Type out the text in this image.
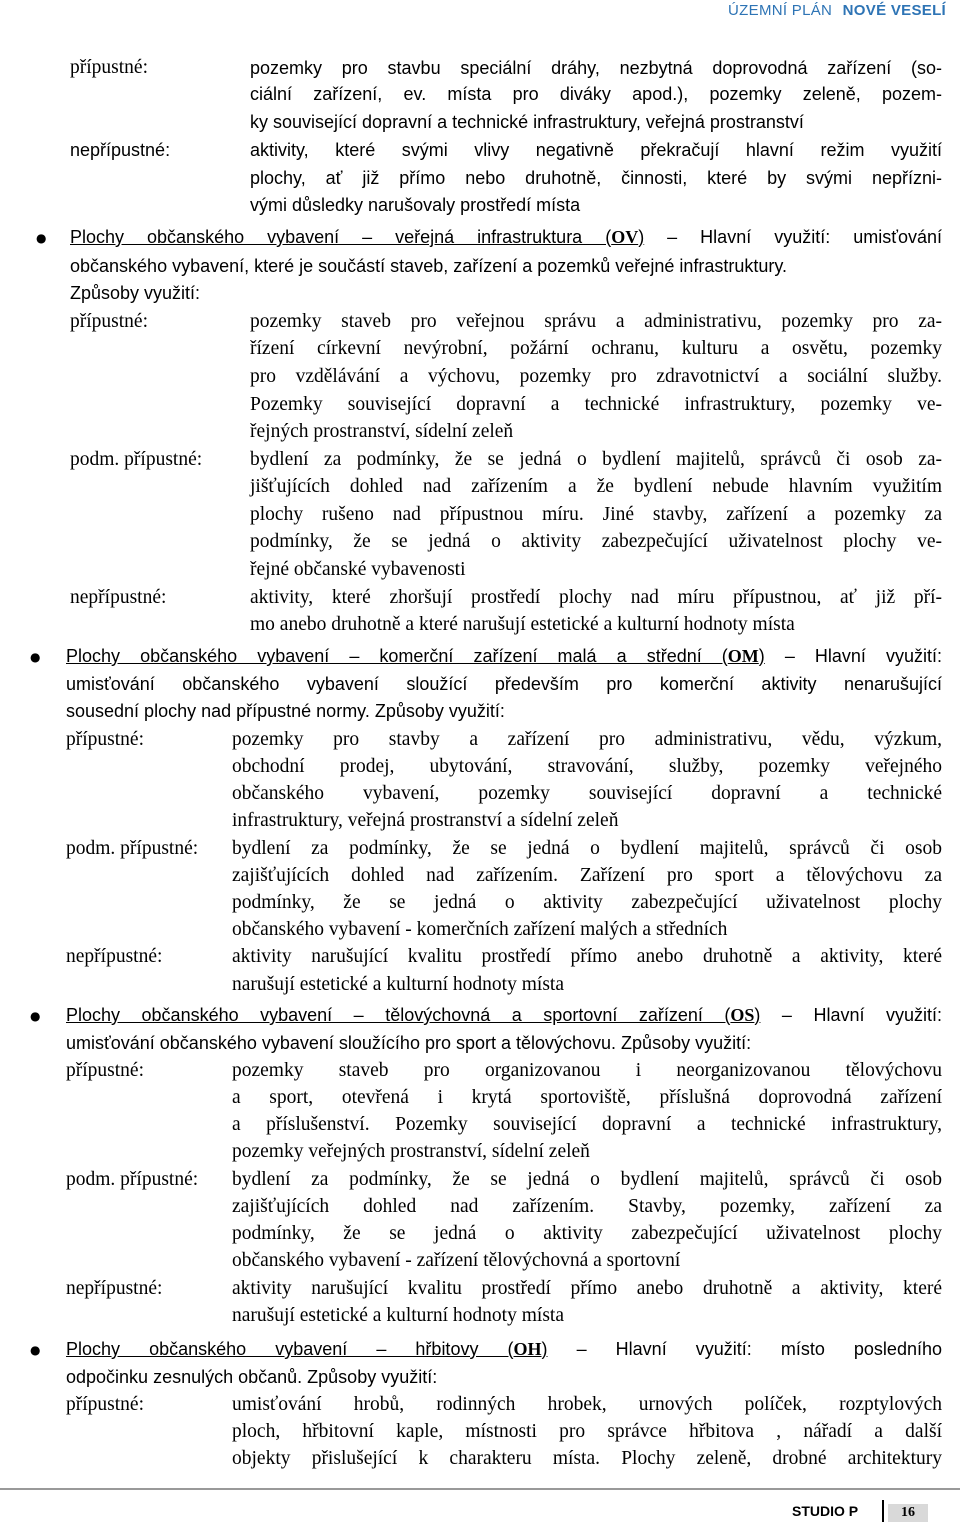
ÚZEMNÍ PLÁN NOVÉ VESELÍ
přípustné:	pozemky pro stavbu speciální dráhy, nezbytná doprovodná zařízení (so-
ciální zařízení, ev. místa pro diváky apod.), pozemky zeleně, pozem-
ky související dopravní a technické infrastruktury, veřejná prostranství
nepřípustné:	aktivity, které svými vlivy negativně překračují hlavní režim využití
plochy, ať již přímo nebo druhotně, činnosti, které by svými nepřízni-
vými důsledky narušovaly prostředí místa
● Plochy občanského vybavení – veřejná infrastruktura (OV) – Hlavní využití: umisťování
občanského vybavení, které je součástí staveb, zařízení a pozemků veřejné infrastruktury.
Způsoby využití:
přípustné:	pozemky staveb pro veřejnou správu a administrativu, pozemky pro za-
řízení církevní nevýrobní, požární ochranu, kulturu a osvětu, pozemky
pro vzdělávání a výchovu, pozemky pro zdravotnictví a sociální služby.
Pozemky související dopravní a technické infrastruktury, pozemky ve-
řejných prostranství, sídelní zeleň
podm. přípustné: bydlení za podmínky, že se jedná o bydlení majitelů, správců či osob za-
jišťujících dohled nad zařízením a že bydlení nebude hlavním využitím
plochy rušeno nad přípustnou míru. Jiné stavby, zařízení a pozemky za
podmínky, že se jedná o aktivity zabezpečující uživatelnost plochy ve-
řejné občanské vybavenosti
nepřípustné:	aktivity, které zhoršují prostředí plochy nad míru přípustnou, ať již pří-
mo anebo druhotně a které narušují estetické a kulturní hodnoty místa
● Plochy občanského vybavení – komerční zařízení malá a střední (OM) – Hlavní využití:
umisťování občanského vybavení sloužící především pro komerční aktivity nenarušující
sousední plochy nad přípustné normy. Způsoby využití:
přípustné:	pozemky pro stavby a zařízení pro administrativu, vědu, výzkum,
obchodní prodej, ubytování, stravování, služby, pozemky veřejného
občanského vybavení, pozemky související dopravní a technické
infrastruktury, veřejná prostranství a sídelní zeleň
podm. přípustné: bydlení za podmínky, že se jedná o bydlení majitelů, správců či osob
zajišťujících dohled nad zařízením. Zařízení pro sport a tělovýchovu za
podmínky, že se jedná o aktivity zabezpečující uživatelnost plochy
občanského vybavení - komerčních zařízení malých a středních
nepřípustné:	aktivity narušující kvalitu prostředí přímo anebo druhotně a aktivity, které
narušují estetické a kulturní hodnoty místa
● Plochy občanského vybavení – tělovýchovná a sportovní zařízení (OS) – Hlavní využití:
umisťování občanského vybavení sloužícího pro sport a tělovýchovu. Způsoby využití:
přípustné:	pozemky staveb pro organizovanou i neorganizovanou tělovýchovu
a sport, otevřená i krytá sportoviště, příslušná doprovodná zařízení
a příslušenství. Pozemky související dopravní a technické infrastruktury,
pozemky veřejných prostranství, sídelní zeleň
podm. přípustné: bydlení za podmínky, že se jedná o bydlení majitelů, správců či osob
zajišťujících dohled nad zařízením. Stavby, pozemky, zařízení za
podmínky, že se jedná o aktivity zabezpečující uživatelnost plochy
občanského vybavení - zařízení tělovýchovná a sportovní
nepřípustné:	aktivity narušující kvalitu prostředí přímo anebo druhotně a aktivity, které
narušují estetické a kulturní hodnoty místa
● Plochy občanského vybavení – hřbitovy (OH) – Hlavní využití: místo posledního
odpočinku zesnulých občanů. Způsoby využití:
přípustné:	umisťování hrobů, rodinných hrobek, urnových políček, rozptylových
ploch, hřbitovní kaple, místnosti pro správce hřbitova , nářadí a další
objekty přislušející k charakteru místa. Plochy zeleně, drobné architektury
STUDIO P	16
